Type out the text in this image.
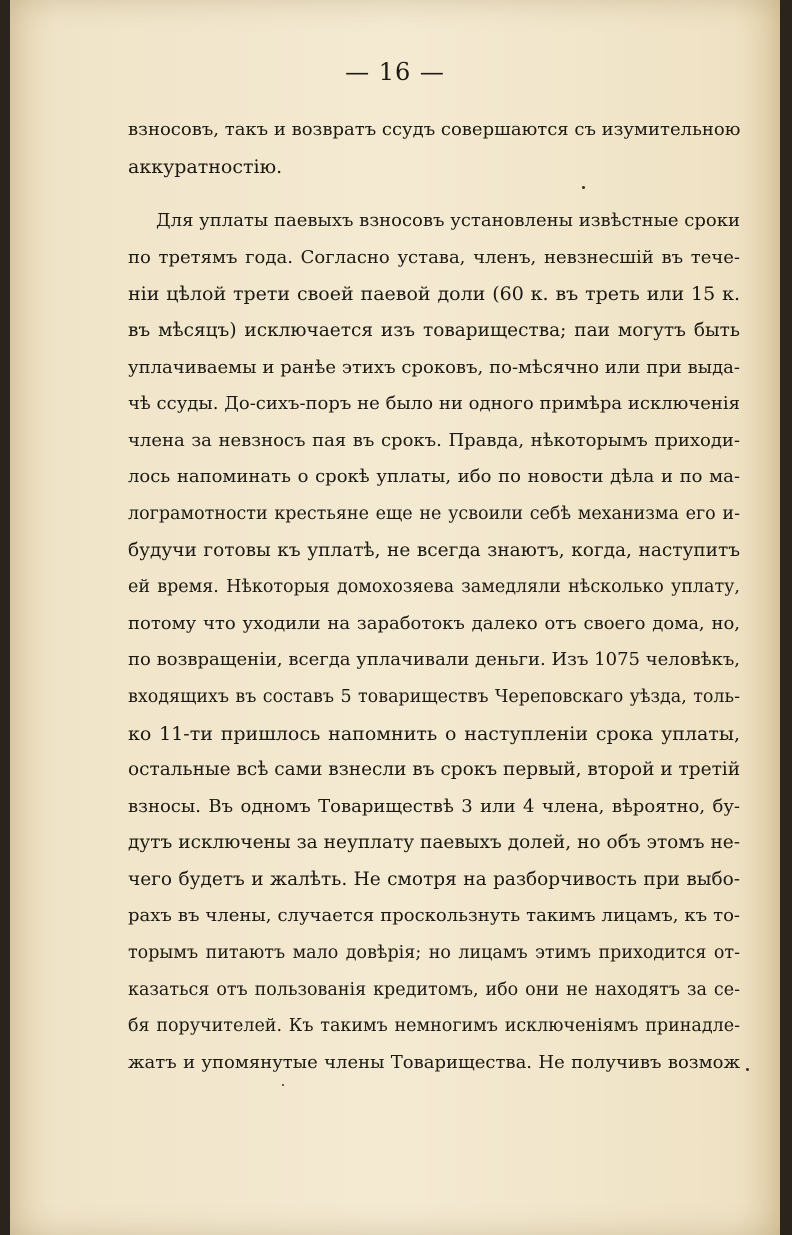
— 16 —
взносовъ, такъ и возвратъ ссудъ совершаются съ изумительною
аккуратностію.
Для уплаты паевыхъ взносовъ установлены извѣстные сроки
по третямъ года. Согласно устава, членъ, невзнесшій въ тече-
ніи цѣлой трети своей паевой доли (60 к. въ треть или 15 к.
въ мѣсяцъ) исключается изъ товарищества; паи могутъ быть
уплачиваемы и ранѣе этихъ сроковъ, по-мѣсячно или при выда-
чѣ ссуды. До-сихъ-поръ не было ни одного примѣра исключенія
члена за невзносъ пая въ срокъ. Правда, нѣкоторымъ приходи-
лось напоминать о срокѣ уплаты, ибо по новости дѣла и по ма-
лограмотности крестьяне еще не усвоили себѣ механизма его и-
будучи готовы къ уплатѣ, не всегда знаютъ, когда, наступитъ
ей время. Нѣкоторыя домохозяева замедляли нѣсколько уплату,
потому что уходили на заработокъ далеко отъ своего дома, но,
по возвращеніи, всегда уплачивали деньги. Изъ 1075 человѣкъ,
входящихъ въ составъ 5 товариществъ Череповскаго уѣзда, толь-
ко 11-ти пришлось напомнить о наступленіи срока уплаты,
остальные всѣ сами взнесли въ срокъ первый, второй и третій
взносы. Въ одномъ Товариществѣ 3 или 4 члена, вѣроятно, бу-
дутъ исключены за неуплату паевыхъ долей, но объ этомъ не-
чего будетъ и жалѣть. Не смотря на разборчивость при выбо-
рахъ въ члены, случается проскользнуть такимъ лицамъ, къ то-
торымъ питаютъ мало довѣрія; но лицамъ этимъ приходится от-
казаться отъ пользованія кредитомъ, ибо они не находятъ за се-
бя поручителей. Къ такимъ немногимъ исключеніямъ принадле-
жатъ и упомянутые члены Товарищества. Не получивъ возмож
